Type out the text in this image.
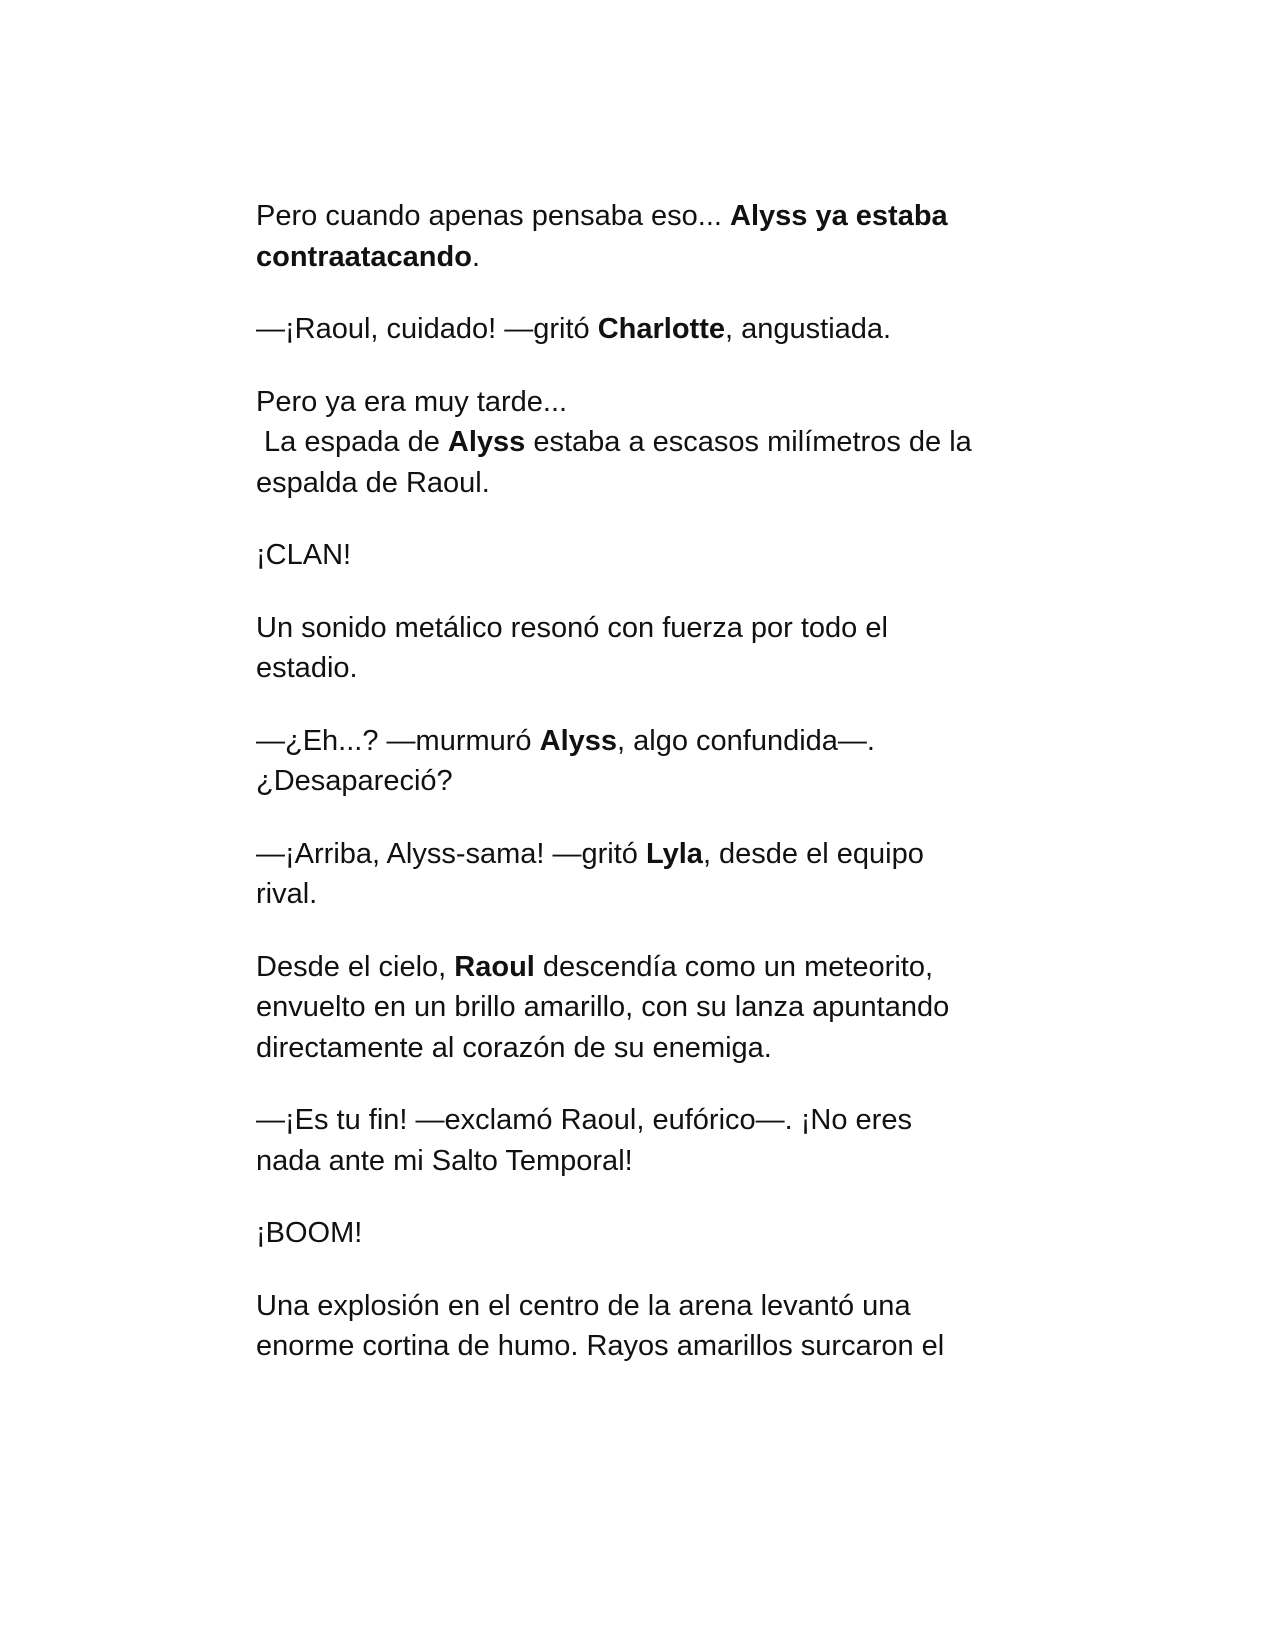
Pero cuando apenas pensaba eso... Alyss ya estaba
contraatacando.

—¡Raoul, cuidado! —gritó Charlotte, angustiada.

Pero ya era muy tarde...
La espada de Alyss estaba a escasos milímetros de la
espalda de Raoul.

¡CLAN!

Un sonido metálico resonó con fuerza por todo el
estadio.

—¿Eh...? —murmuró Alyss, algo confundida—.
¿Desapareció?

—¡Arriba, Alyss-sama! —gritó Lyla, desde el equipo
rival.

Desde el cielo, Raoul descendía como un meteorito,
envuelto en un brillo amarillo, con su lanza apuntando
directamente al corazón de su enemiga.

—¡Es tu fin! —exclamó Raoul, eufórico—. ¡No eres
nada ante mi Salto Temporal!

¡BOOM!

Una explosión en el centro de la arena levantó una
enorme cortina de humo. Rayos amarillos surcaron el
